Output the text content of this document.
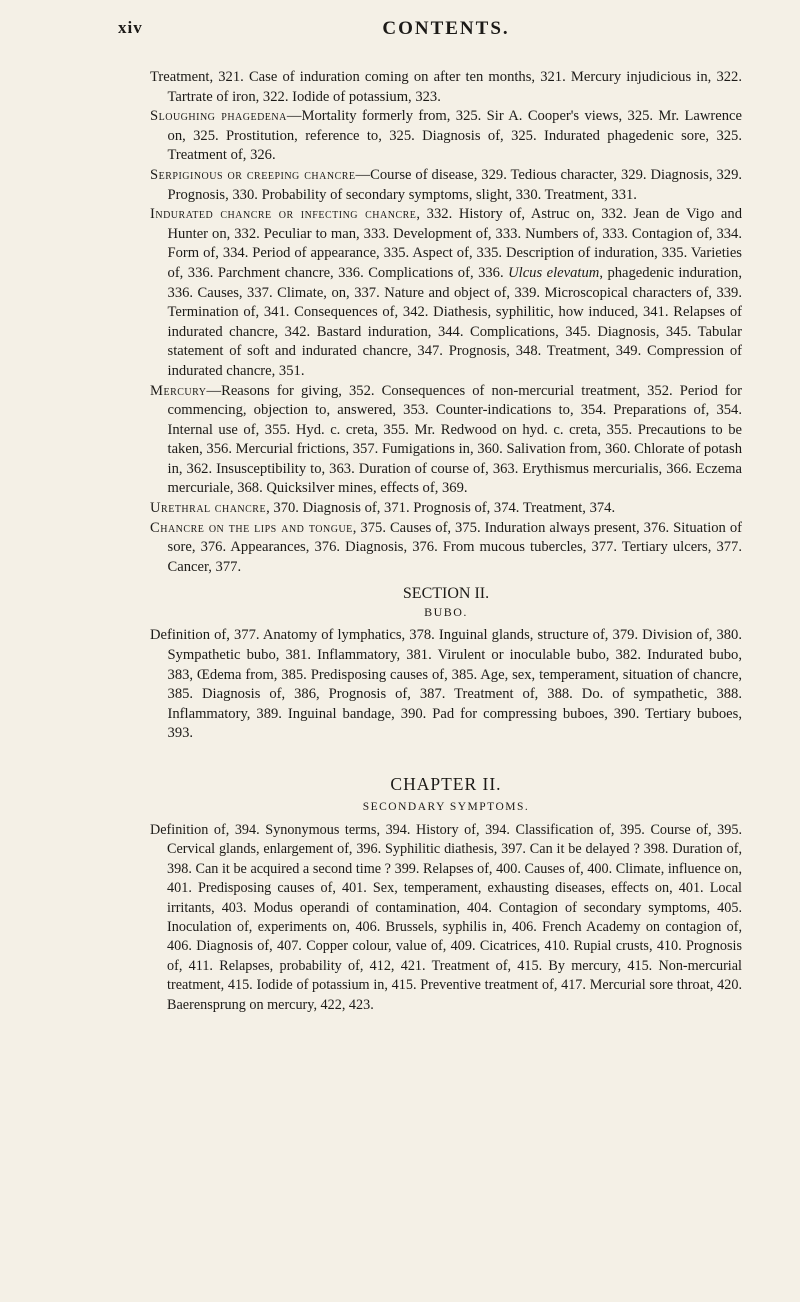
xiv	CONTENTS.

Treatment, 321. Case of induration coming on after ten months, 321. Mercury injudicious in, 322. Tartrate of iron, 322. Iodide of potassium, 323.

Sloughing phagedena—Mortality formerly from, 325. Sir A. Cooper's views, 325. Mr. Lawrence on, 325. Prostitution, reference to, 325. Diagnosis of, 325. Indurated phagedenic sore, 325. Treatment of, 326.

Serpiginous or creeping chancre—Course of disease, 329. Tedious character, 329. Diagnosis, 329. Prognosis, 330. Probability of secondary symptoms, slight, 330. Treatment, 331.

Indurated chancre or infecting chancre, 332. History of, Astruc on, 332. Jean de Vigo and Hunter on, 332. Peculiar to man, 333. Development of, 333. Numbers of, 333. Contagion of, 334. Form of, 334. Period of appearance, 335. Aspect of, 335. Description of induration, 335. Varieties of, 336. Parchment chancre, 336. Complications of, 336. Ulcus elevatum, phagedenic induration, 336. Causes, 337. Climate, on, 337. Nature and object of, 339. Microscopical characters of, 339. Termination of, 341. Consequences of, 342. Diathesis, syphilitic, how induced, 341. Relapses of indurated chancre, 342. Bastard induration, 344. Complications, 345. Diagnosis, 345. Tabular statement of soft and indurated chancre, 347. Prognosis, 348. Treatment, 349. Compression of indurated chancre, 351.

Mercury—Reasons for giving, 352. Consequences of non-mercurial treatment, 352. Period for commencing, objection to, answered, 353. Counter-indications to, 354. Preparations of, 354. Internal use of, 355. Hyd. c. creta, 355. Mr. Redwood on hyd. c. creta, 355. Precautions to be taken, 356. Mercurial frictions, 357. Fumigations in, 360. Salivation from, 360. Chlorate of potash in, 362. Insusceptibility to, 363. Duration of course of, 363. Erythismus mercurialis, 366. Eczema mercuriale, 368. Quicksilver mines, effects of, 369.

Urethral chancre, 370. Diagnosis of, 371. Prognosis of, 374. Treatment, 374.

Chancre on the lips and tongue, 375. Causes of, 375. Induration always present, 376. Situation of sore, 376. Appearances, 376. Diagnosis, 376. From mucous tubercles, 377. Tertiary ulcers, 377. Cancer, 377.

SECTION II.
BUBO.

Definition of, 377. Anatomy of lymphatics, 378. Inguinal glands, structure of, 379. Division of, 380. Sympathetic bubo, 381. Inflammatory, 381. Virulent or inoculable bubo, 382. Indurated bubo, 383, Œdema from, 385. Predisposing causes of, 385. Age, sex, temperament, situation of chancre, 385. Diagnosis of, 386, Prognosis of, 387. Treatment of, 388. Do. of sympathetic, 388. Inflammatory, 389. Inguinal bandage, 390. Pad for compressing buboes, 390. Tertiary buboes, 393.

CHAPTER II.
SECONDARY SYMPTOMS.

Definition of, 394. Synonymous terms, 394. History of, 394. Classification of, 395. Course of, 395. Cervical glands, enlargement of, 396. Syphilitic diathesis, 397. Can it be delayed ? 398. Duration of, 398. Can it be acquired a second time ? 399. Relapses of, 400. Causes of, 400. Climate, influence on, 401. Predisposing causes of, 401. Sex, temperament, exhausting diseases, effects on, 401. Local irritants, 403. Modus operandi of contamination, 404. Contagion of secondary symptoms, 405. Inoculation of, experiments on, 406. Brussels, syphilis in, 406. French Academy on contagion of, 406. Diagnosis of, 407. Copper colour, value of, 409. Cicatrices, 410. Rupial crusts, 410. Prognosis of, 411. Relapses, probability of, 412, 421. Treatment of, 415. By mercury, 415. Non-mercurial treatment, 415. Iodide of potassium in, 415. Preventive treatment of, 417. Mercurial sore throat, 420. Baerensprung on mercury, 422, 423.
